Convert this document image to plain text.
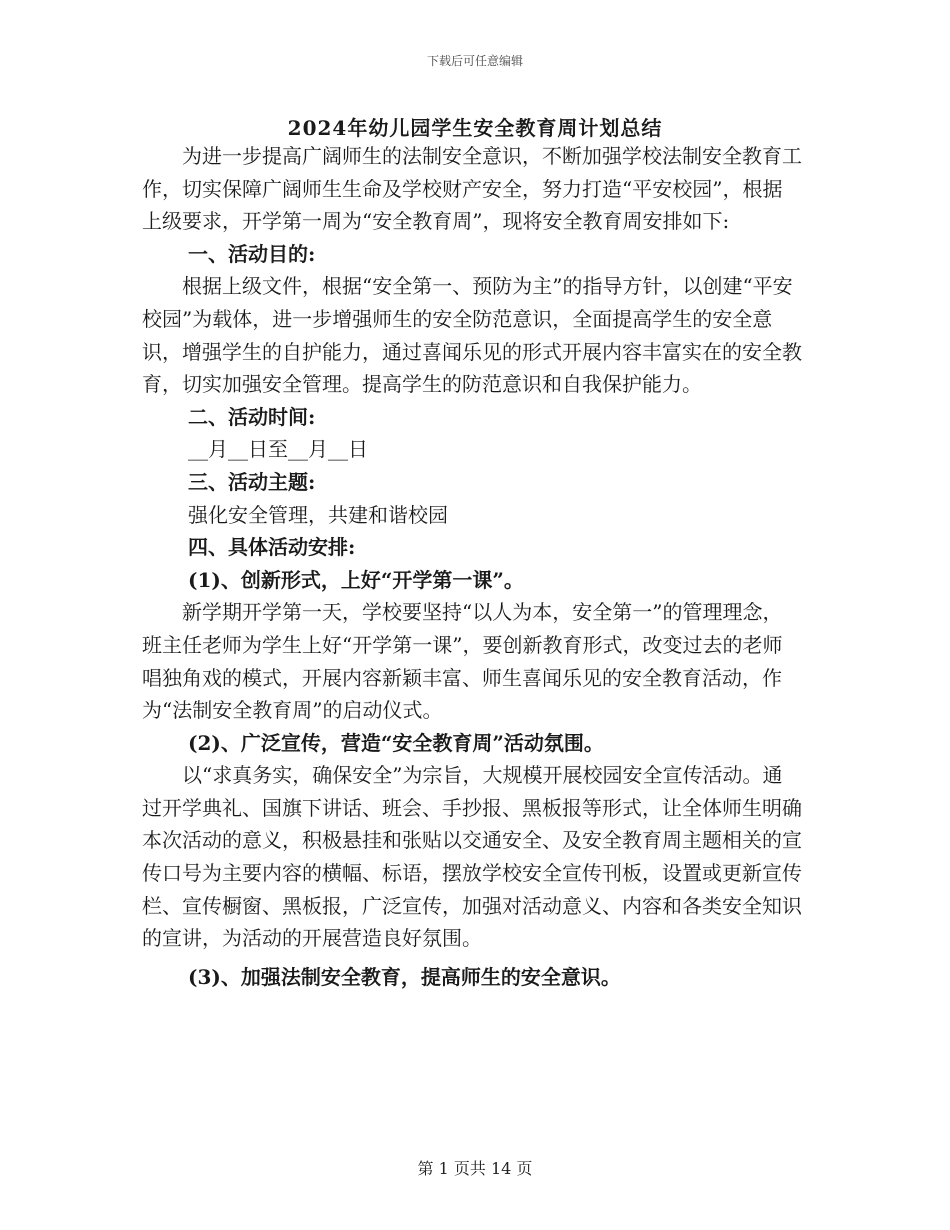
下载后可任意编辑
2024年幼儿园学生安全教育周计划总结

为进一步提高广阔师生的法制安全意识，不断加强学校法制安全教育工作，切实保障广阔师生生命及学校财产安全，努力打造“平安校园”，根据上级要求，开学第一周为“安全教育周”，现将安全教育周安排如下:

一、活动目的:

根据上级文件，根据“安全第一、预防为主”的指导方针，以创建“平安校园”为载体，进一步增强师生的安全防范意识，全面提高学生的安全意识，增强学生的自护能力，通过喜闻乐见的形式开展内容丰富实在的安全教育，切实加强安全管理。提高学生的防范意识和自我保护能力。

二、活动时间:

__月__日至__月__日

三、活动主题:

强化安全管理，共建和谐校园

四、具体活动安排:

(1)、创新形式，上好“开学第一课”。

新学期开学第一天，学校要坚持“以人为本，安全第一”的管理理念，班主任老师为学生上好“开学第一课”，要创新教育形式，改变过去的老师唱独角戏的模式，开展内容新颖丰富、师生喜闻乐见的安全教育活动，作为“法制安全教育周”的启动仪式。

(2)、广泛宣传，营造“安全教育周”活动氛围。

以“求真务实，确保安全”为宗旨，大规模开展校园安全宣传活动。通过开学典礼、国旗下讲话、班会、手抄报、黑板报等形式，让全体师生明确本次活动的意义，积极悬挂和张贴以交通安全、及安全教育周主题相关的宣传口号为主要内容的横幅、标语，摆放学校安全宣传刊板，设置或更新宣传栏、宣传橱窗、黑板报，广泛宣传，加强对活动意义、内容和各类安全知识的宣讲，为活动的开展营造良好氛围。

(3)、加强法制安全教育，提高师生的安全意识。

第 1 页共 14 页
